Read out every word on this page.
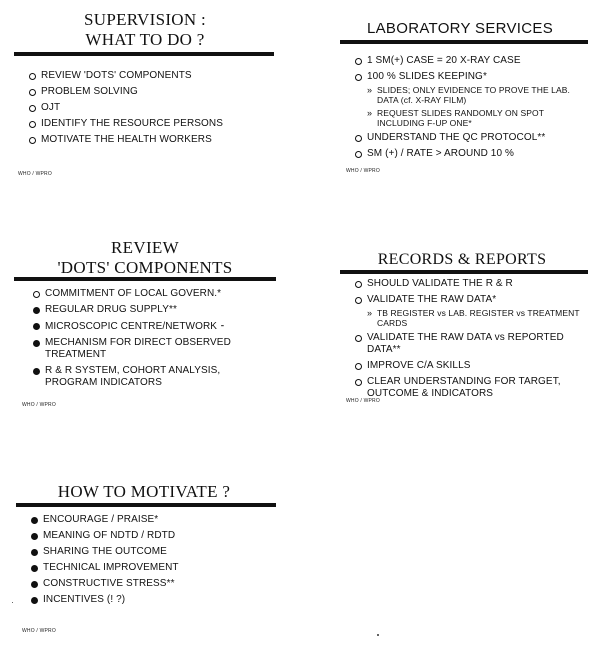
SUPERVISION :
WHAT TO DO ?
REVIEW 'DOTS' COMPONENTS
PROBLEM SOLVING
OJT
IDENTIFY THE RESOURCE PERSONS
MOTIVATE THE HEALTH WORKERS
WHO / WPRO
LABORATORY SERVICES
1 SM(+) CASE = 20 X-RAY CASE
100 % SLIDES KEEPING*
» SLIDES; ONLY EVIDENCE TO PROVE THE LAB. DATA (cf. X-RAY FILM)
» REQUEST SLIDES RANDOMLY ON SPOT INCLUDING F-UP ONE*
UNDERSTAND THE QC PROTOCOL**
SM (+) / RATE > AROUND 10 %
WHO / WPRO
REVIEW
'DOTS' COMPONENTS
COMMITMENT OF LOCAL GOVERN.*
REGULAR DRUG SUPPLY**
MICROSCOPIC CENTRE/NETWORK ⁃
MECHANISM FOR DIRECT OBSERVED TREATMENT
R & R SYSTEM, COHORT ANALYSIS, PROGRAM INDICATORS
WHO / WPRO
RECORDS & REPORTS
SHOULD VALIDATE THE R & R
VALIDATE THE RAW DATA*
» TB REGISTER vs LAB. REGISTER vs TREATMENT CARDS
VALIDATE THE RAW DATA vs REPORTED DATA**
IMPROVE C/A SKILLS
CLEAR UNDERSTANDING FOR TARGET, OUTCOME & INDICATORS
WHO / WPRO
HOW TO MOTIVATE ?
ENCOURAGE / PRAISE*
MEANING OF NDTD / RDTD
SHARING THE OUTCOME
TECHNICAL IMPROVEMENT
CONSTRUCTIVE STRESS**
INCENTIVES (! ?)
WHO / WPRO
